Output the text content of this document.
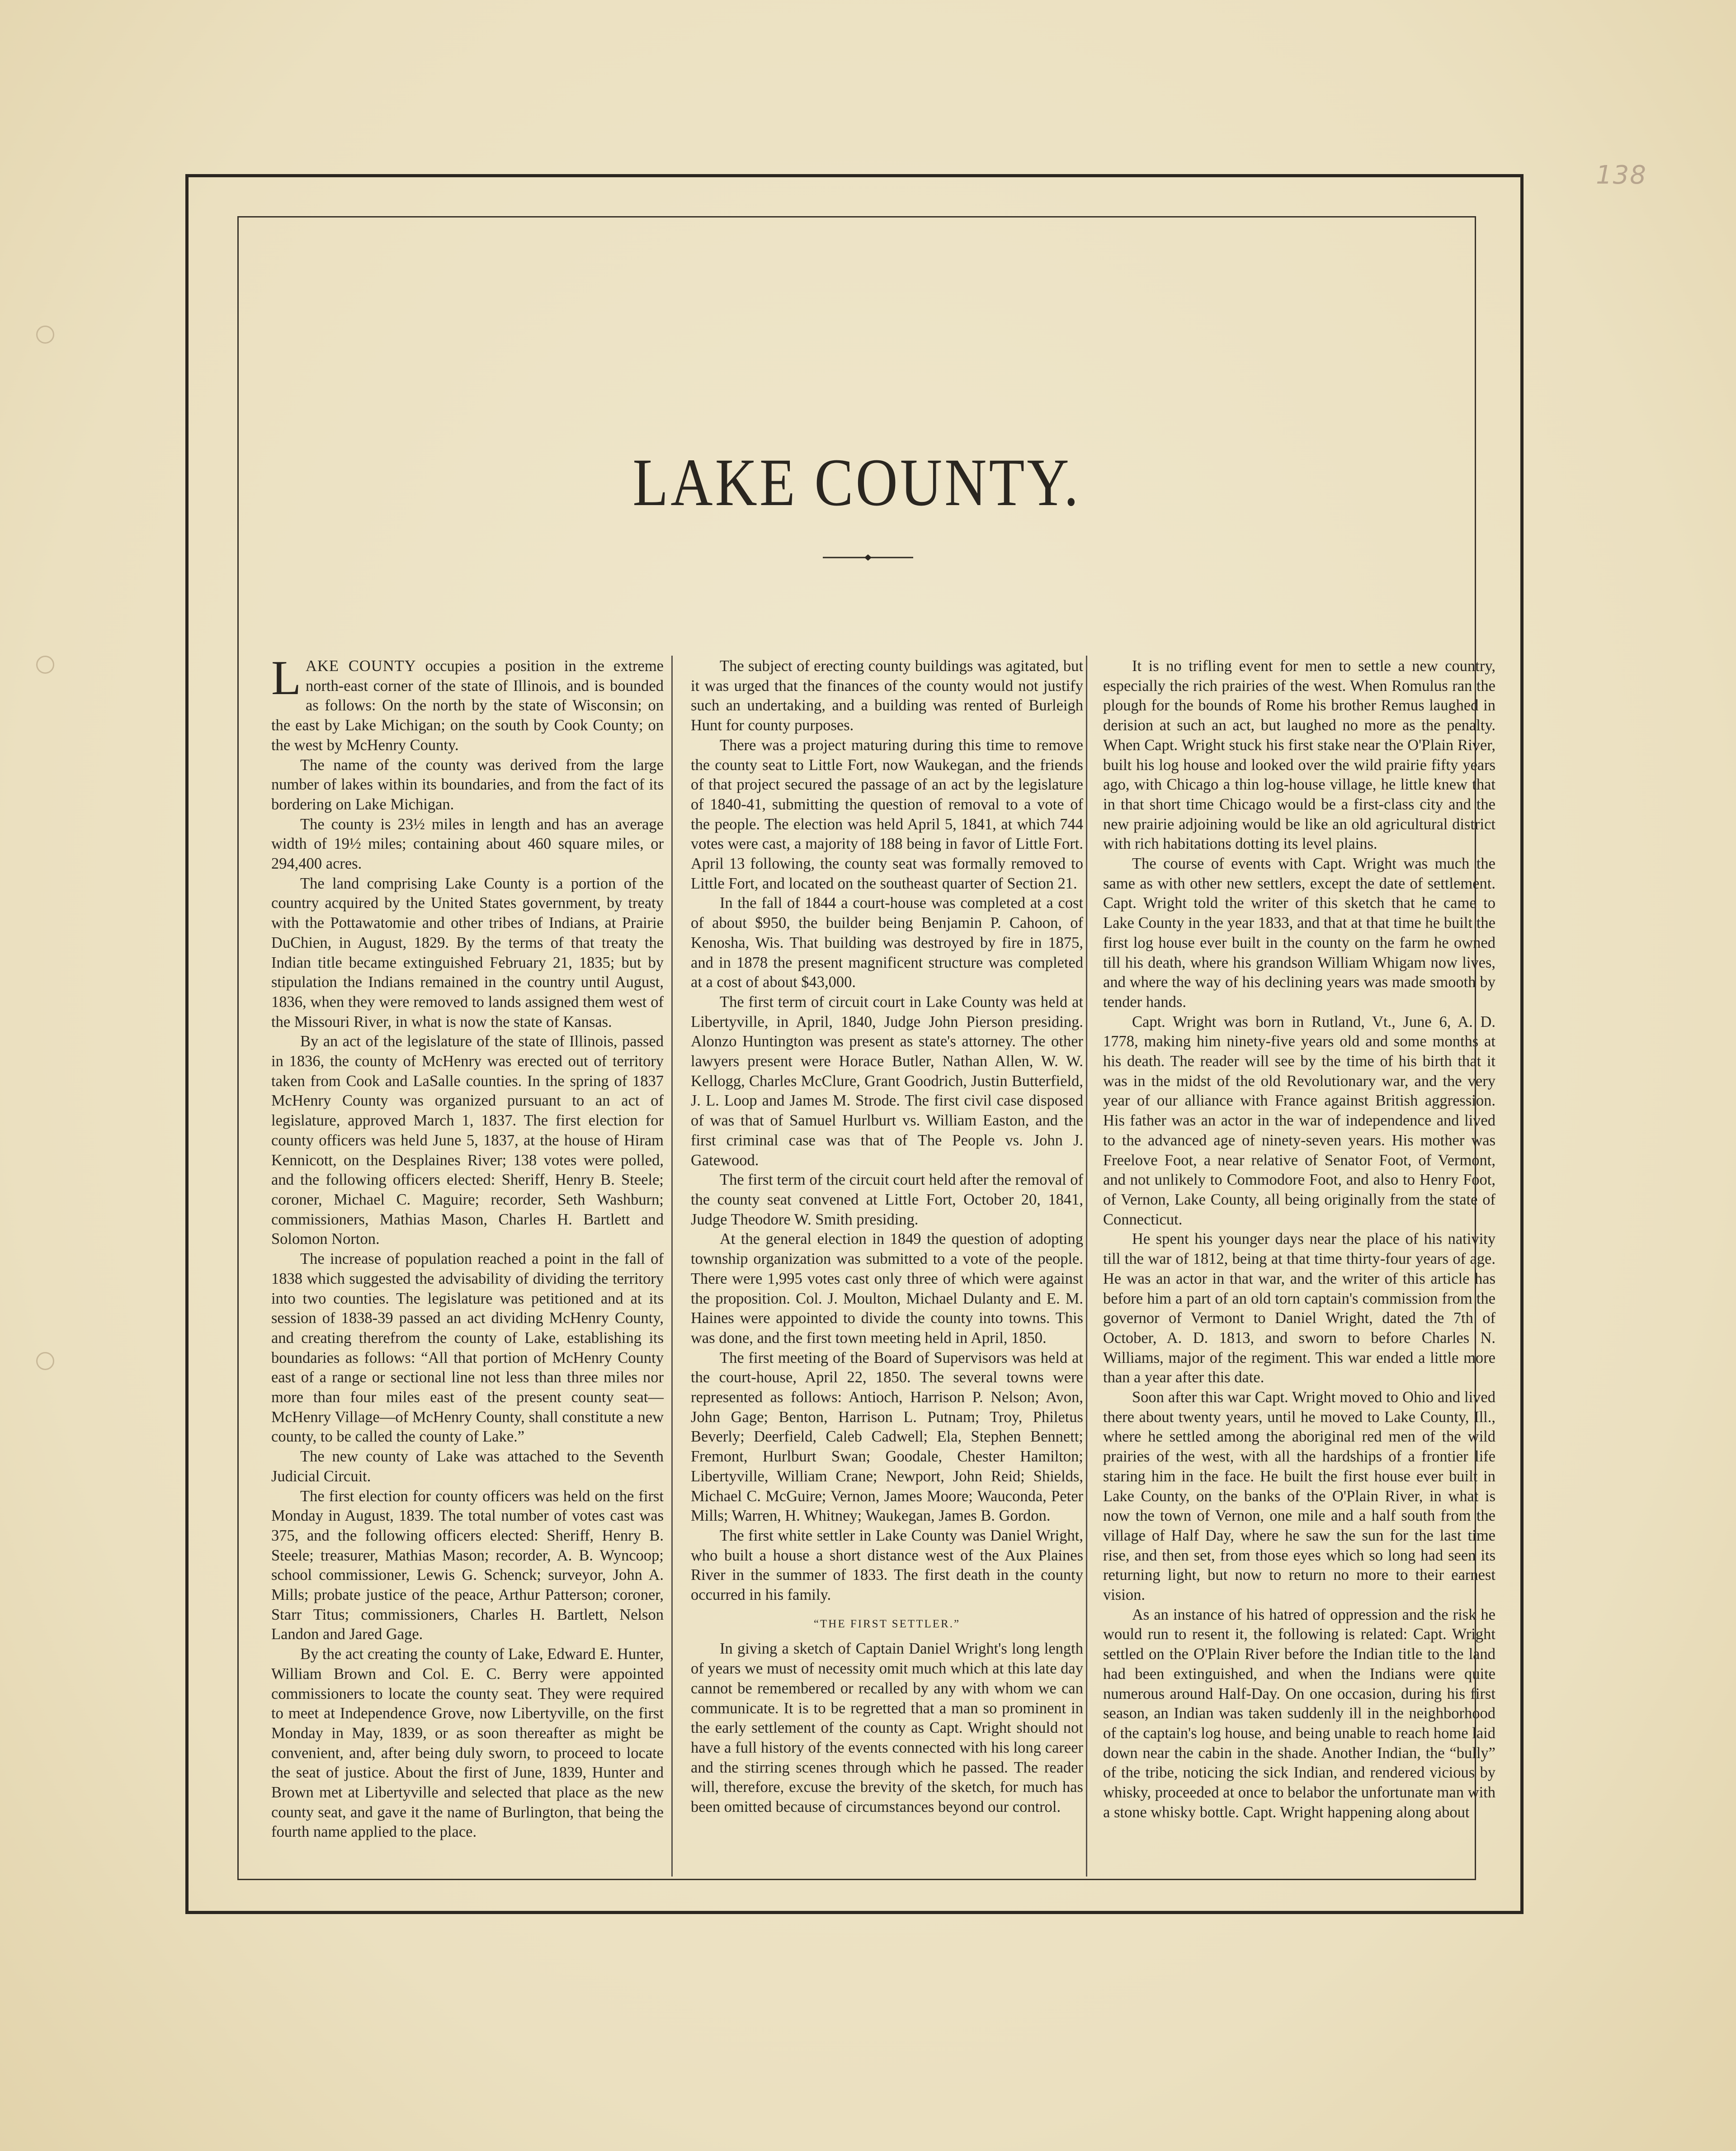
138
LAKE COUNTY.

LAKE COUNTY occupies a position in the extreme north-east corner of the state of Illinois, and is bounded as follows: On the north by the state of Wisconsin; on the east by Lake Michigan; on the south by Cook County; on the west by McHenry County.

The name of the county was derived from the large number of lakes within its boundaries, and from the fact of its bordering on Lake Michigan.

The county is 23½ miles in length and has an average width of 19½ miles; containing about 460 square miles, or 294,400 acres.

The land comprising Lake County is a portion of the country acquired by the United States government, by treaty with the Pottawatomie and other tribes of Indians, at Prairie DuChien, in August, 1829. By the terms of that treaty the Indian title became extinguished February 21, 1835; but by stipulation the Indians remained in the country until August, 1836, when they were removed to lands assigned them west of the Missouri River, in what is now the state of Kansas.

By an act of the legislature of the state of Illinois, passed in 1836, the county of McHenry was erected out of territory taken from Cook and LaSalle counties. In the spring of 1837 McHenry County was organized pursuant to an act of legislature, approved March 1, 1837. The first election for county officers was held June 5, 1837, at the house of Hiram Kennicott, on the Desplaines River; 138 votes were polled, and the following officers elected: Sheriff, Henry B. Steele; coroner, Michael C. Maguire; recorder, Seth Washburn; commissioners, Mathias Mason, Charles H. Bartlett and Solomon Norton.

The increase of population reached a point in the fall of 1838 which suggested the advisability of dividing the territory into two counties. The legislature was petitioned and at its session of 1838-39 passed an act dividing McHenry County, and creating therefrom the county of Lake, establishing its boundaries as follows: “All that portion of McHenry County east of a range or sectional line not less than three miles nor more than four miles east of the present county seat—McHenry Village—of McHenry County, shall constitute a new county, to be called the county of Lake.”

The new county of Lake was attached to the Seventh Judicial Circuit.

The first election for county officers was held on the first Monday in August, 1839. The total number of votes cast was 375, and the following officers elected: Sheriff, Henry B. Steele; treasurer, Mathias Mason; recorder, A. B. Wyncoop; school commissioner, Lewis G. Schenck; surveyor, John A. Mills; probate justice of the peace, Arthur Patterson; coroner, Starr Titus; commissioners, Charles H. Bartlett, Nelson Landon and Jared Gage.

By the act creating the county of Lake, Edward E. Hunter, William Brown and Col. E. C. Berry were appointed commissioners to locate the county seat. They were required to meet at Independence Grove, now Libertyville, on the first Monday in May, 1839, or as soon thereafter as might be convenient, and, after being duly sworn, to proceed to locate the seat of justice. About the first of June, 1839, Hunter and Brown met at Libertyville and selected that place as the new county seat, and gave it the name of Burlington, that being the fourth name applied to the place.

The subject of erecting county buildings was agitated, but it was urged that the finances of the county would not justify such an undertaking, and a building was rented of Burleigh Hunt for county purposes.

There was a project maturing during this time to remove the county seat to Little Fort, now Waukegan, and the friends of that project secured the passage of an act by the legislature of 1840-41, submitting the question of removal to a vote of the people. The election was held April 5, 1841, at which 744 votes were cast, a majority of 188 being in favor of Little Fort. April 13 following, the county seat was formally removed to Little Fort, and located on the southeast quarter of Section 21.

In the fall of 1844 a court-house was completed at a cost of about $950, the builder being Benjamin P. Cahoon, of Kenosha, Wis. That building was destroyed by fire in 1875, and in 1878 the present magnificent structure was completed at a cost of about $43,000.

The first term of circuit court in Lake County was held at Libertyville, in April, 1840, Judge John Pierson presiding. Alonzo Huntington was present as state's attorney. The other lawyers present were Horace Butler, Nathan Allen, W. W. Kellogg, Charles McClure, Grant Goodrich, Justin Butterfield, J. L. Loop and James M. Strode. The first civil case disposed of was that of Samuel Hurlburt vs. William Easton, and the first criminal case was that of The People vs. John J. Gatewood.

The first term of the circuit court held after the removal of the county seat convened at Little Fort, October 20, 1841, Judge Theodore W. Smith presiding.

At the general election in 1849 the question of adopting township organization was submitted to a vote of the people. There were 1,995 votes cast only three of which were against the proposition. Col. J. Moulton, Michael Dulanty and E. M. Haines were appointed to divide the county into towns. This was done, and the first town meeting held in April, 1850.

The first meeting of the Board of Supervisors was held at the court-house, April 22, 1850. The several towns were represented as follows: Antioch, Harrison P. Nelson; Avon, John Gage; Benton, Harrison L. Putnam; Troy, Philetus Beverly; Deerfield, Caleb Cadwell; Ela, Stephen Bennett; Fremont, Hurlburt Swan; Goodale, Chester Hamilton; Libertyville, William Crane; Newport, John Reid; Shields, Michael C. McGuire; Vernon, James Moore; Wauconda, Peter Mills; Warren, H. Whitney; Waukegan, James B. Gordon.

The first white settler in Lake County was Daniel Wright, who built a house a short distance west of the Aux Plaines River in the summer of 1833. The first death in the county occurred in his family.

“THE FIRST SETTLER.”

In giving a sketch of Captain Daniel Wright's long length of years we must of necessity omit much which at this late day cannot be remembered or recalled by any with whom we can communicate. It is to be regretted that a man so prominent in the early settlement of the county as Capt. Wright should not have a full history of the events connected with his long career and the stirring scenes through which he passed. The reader will, therefore, excuse the brevity of the sketch, for much has been omitted because of circumstances beyond our control.

It is no trifling event for men to settle a new country, especially the rich prairies of the west. When Romulus ran the plough for the bounds of Rome his brother Remus laughed in derision at such an act, but laughed no more as the penalty. When Capt. Wright stuck his first stake near the O'Plain River, built his log house and looked over the wild prairie fifty years ago, with Chicago a thin log-house village, he little knew that in that short time Chicago would be a first-class city and the new prairie adjoining would be like an old agricultural district with rich habitations dotting its level plains.

The course of events with Capt. Wright was much the same as with other new settlers, except the date of settlement. Capt. Wright told the writer of this sketch that he came to Lake County in the year 1833, and that at that time he built the first log house ever built in the county on the farm he owned till his death, where his grandson William Whigam now lives, and where the way of his declining years was made smooth by tender hands.

Capt. Wright was born in Rutland, Vt., June 6, A. D. 1778, making him ninety-five years old and some months at his death. The reader will see by the time of his birth that it was in the midst of the old Revolutionary war, and the very year of our alliance with France against British aggression. His father was an actor in the war of independence and lived to the advanced age of ninety-seven years. His mother was Freelove Foot, a near relative of Senator Foot, of Vermont, and not unlikely to Commodore Foot, and also to Henry Foot, of Vernon, Lake County, all being originally from the state of Connecticut.

He spent his younger days near the place of his nativity till the war of 1812, being at that time thirty-four years of age. He was an actor in that war, and the writer of this article has before him a part of an old torn captain's commission from the governor of Vermont to Daniel Wright, dated the 7th of October, A. D. 1813, and sworn to before Charles N. Williams, major of the regiment. This war ended a little more than a year after this date.

Soon after this war Capt. Wright moved to Ohio and lived there about twenty years, until he moved to Lake County, Ill., where he settled among the aboriginal red men of the wild prairies of the west, with all the hardships of a frontier life staring him in the face. He built the first house ever built in Lake County, on the banks of the O'Plain River, in what is now the town of Vernon, one mile and a half south from the village of Half Day, where he saw the sun for the last time rise, and then set, from those eyes which so long had seen its returning light, but now to return no more to their earnest vision.

As an instance of his hatred of oppression and the risk he would run to resent it, the following is related: Capt. Wright settled on the O'Plain River before the Indian title to the land had been extinguished, and when the Indians were quite numerous around Half-Day. On one occasion, during his first season, an Indian was taken suddenly ill in the neighborhood of the captain's log house, and being unable to reach home laid down near the cabin in the shade. Another Indian, the “bully” of the tribe, noticing the sick Indian, and rendered vicious by whisky, proceeded at once to belabor the unfortunate man with a stone whisky bottle. Capt. Wright happening along about
